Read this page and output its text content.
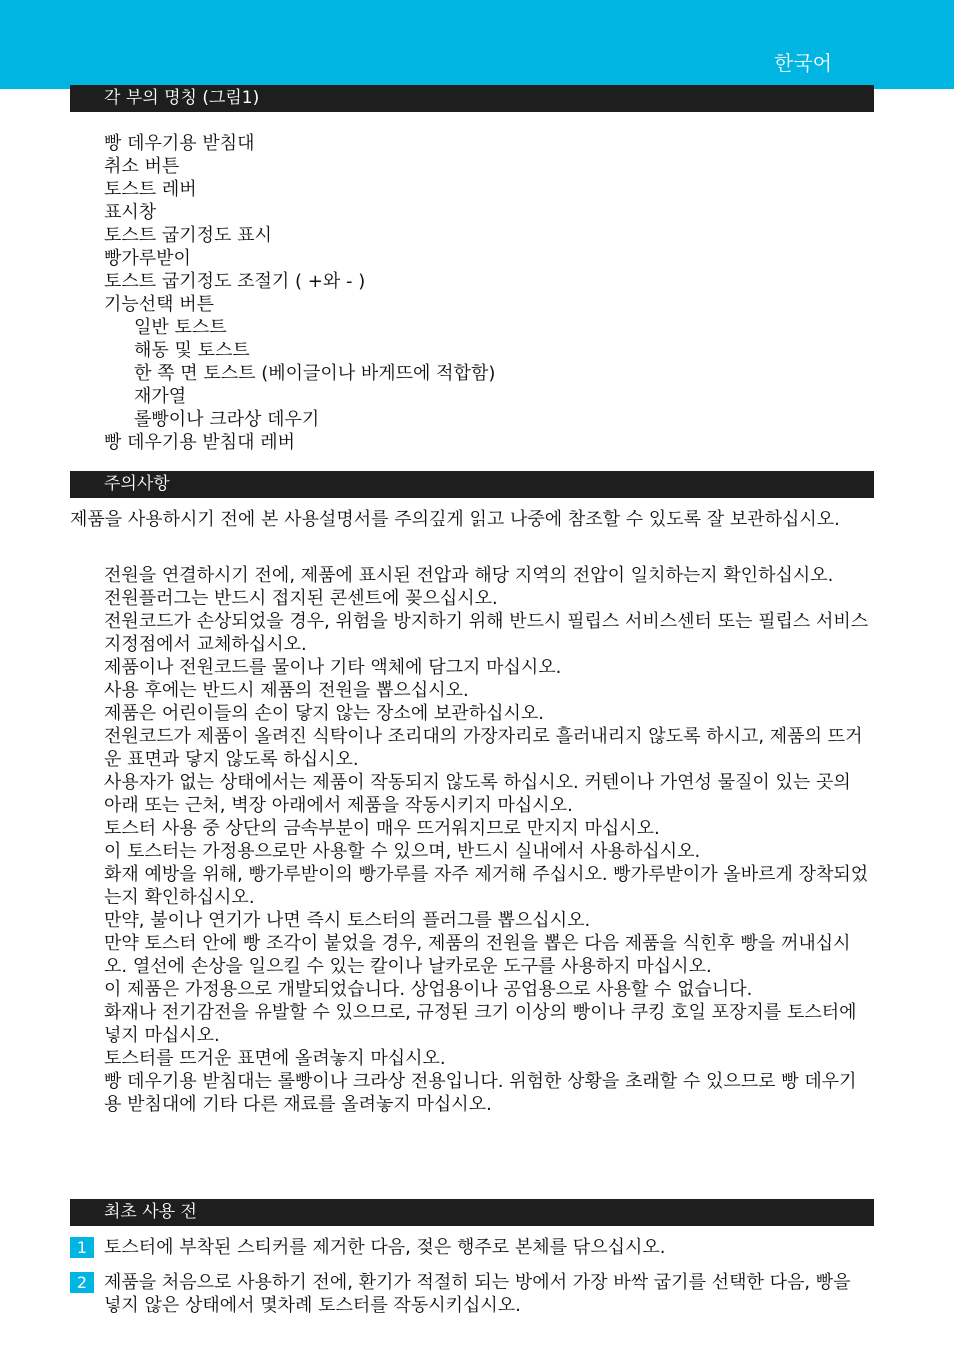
한국어
각 부의 명칭 (그림1)
빵 데우기용 받침대
취소 버튼
토스트 레버
표시창
토스트 굽기정도 표시
빵가루받이
토스트 굽기정도 조절기 ( +와 - )
기능선택 버튼
일반 토스트
해동 및 토스트
한 쪽 면 토스트 (베이글이나 바게뜨에 적합함)
재가열
롤빵이나 크라상 데우기
빵 데우기용 받침대 레버
주의사항

제품을 사용하시기 전에 본 사용설명서를 주의깊게 읽고 나중에 참조할 수 있도록 잘 보관하십시오.

전원을 연결하시기 전에, 제품에 표시된 전압과 해당 지역의 전압이 일치하는지 확인하십시오.
전원플러그는 반드시 접지된 콘센트에 꽂으십시오.
전원코드가 손상되었을 경우, 위험을 방지하기 위해 반드시 필립스 서비스센터 또는 필립스 서비스 지정점에서 교체하십시오.
제품이나 전원코드를 물이나 기타 액체에 담그지 마십시오.
사용 후에는 반드시 제품의 전원을 뽑으십시오.
제품은 어린이들의 손이 닿지 않는 장소에 보관하십시오.
전원코드가 제품이 올려진 식탁이나 조리대의 가장자리로 흘러내리지 않도록 하시고, 제품의 뜨거운 표면과 닿지 않도록 하십시오.
사용자가 없는 상태에서는 제품이 작동되지 않도록 하십시오. 커텐이나 가연성 물질이 있는 곳의 아래 또는 근처, 벽장 아래에서 제품을 작동시키지 마십시오.
토스터 사용 중 상단의 금속부분이 매우 뜨거워지므로 만지지 마십시오.
이 토스터는 가정용으로만 사용할 수 있으며, 반드시 실내에서 사용하십시오.
화재 예방을 위해, 빵가루받이의 빵가루를 자주 제거해 주십시오. 빵가루받이가 올바르게 장착되었는지 확인하십시오.
만약, 불이나 연기가 나면 즉시 토스터의 플러그를 뽑으십시오.
만약 토스터 안에 빵 조각이 붙었을 경우, 제품의 전원을 뽑은 다음 제품을 식힌후 빵을 꺼내십시오. 열선에 손상을 일으킬 수 있는 칼이나 날카로운 도구를 사용하지 마십시오.
이 제품은 가정용으로 개발되었습니다. 상업용이나 공업용으로 사용할 수 없습니다.
화재나 전기감전을 유발할 수 있으므로, 규정된 크기 이상의 빵이나 쿠킹 호일 포장지를 토스터에 넣지 마십시오.
토스터를 뜨거운 표면에 올려놓지 마십시오.
빵 데우기용 받침대는 롤빵이나 크라상 전용입니다. 위험한 상황을 초래할 수 있으므로 빵 데우기용 받침대에 기타 다른 재료를 올려놓지 마십시오.
최초 사용 전
1 토스터에 부착된 스티커를 제거한 다음, 젖은 행주로 본체를 닦으십시오.
2 제품을 처음으로 사용하기 전에, 환기가 적절히 되는 방에서 가장 바싹 굽기를 선택한 다음, 빵을 넣지 않은 상태에서 몇차례 토스터를 작동시키십시오.
